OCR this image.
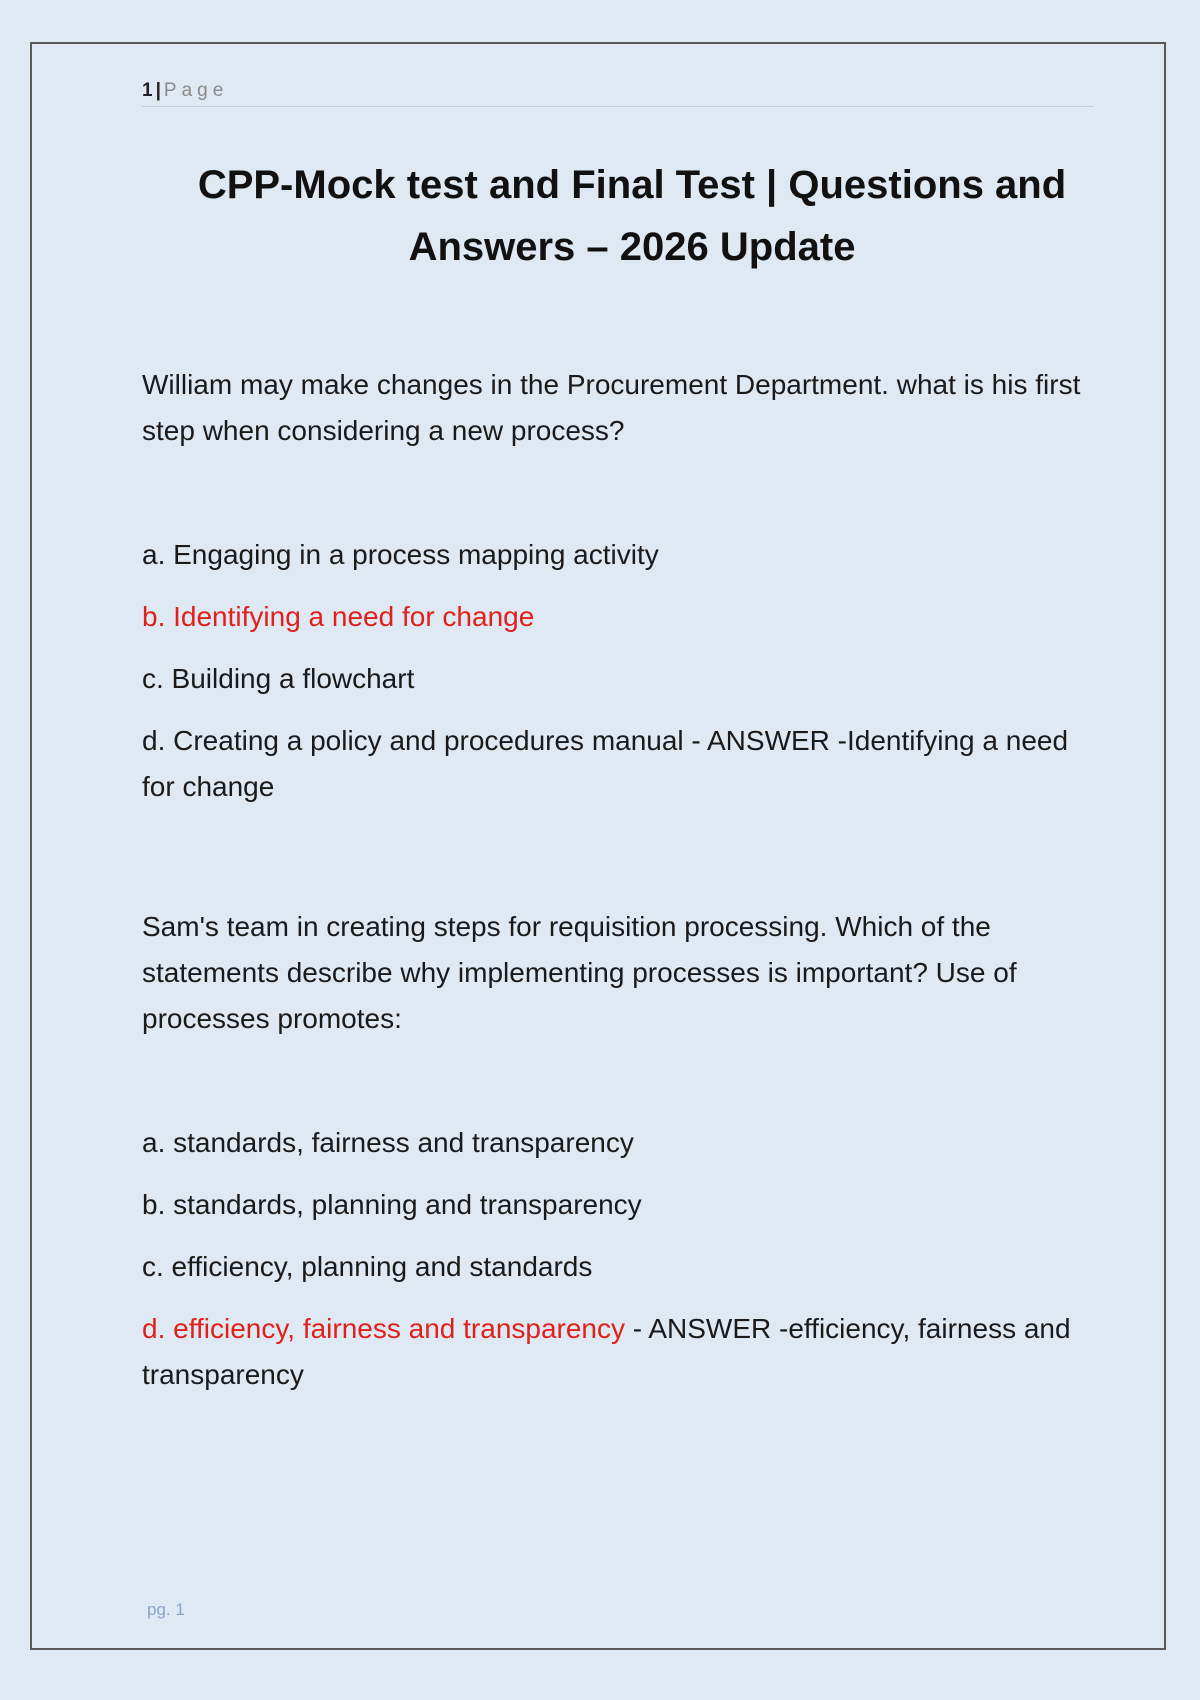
1 | Page
CPP-Mock test and Final Test | Questions and
Answers – 2026 Update

William may make changes in the Procurement Department. what is his first step when considering a new process?

a. Engaging in a process mapping activity

b. Identifying a need for change

c. Building a flowchart

d. Creating a policy and procedures manual - ANSWER -Identifying a need for change

Sam's team in creating steps for requisition processing. Which of the statements describe why implementing processes is important? Use of processes promotes:

a. standards, fairness and transparency

b. standards, planning and transparency

c. efficiency, planning and standards

d. efficiency, fairness and transparency - ANSWER -efficiency, fairness and transparency

pg. 1
